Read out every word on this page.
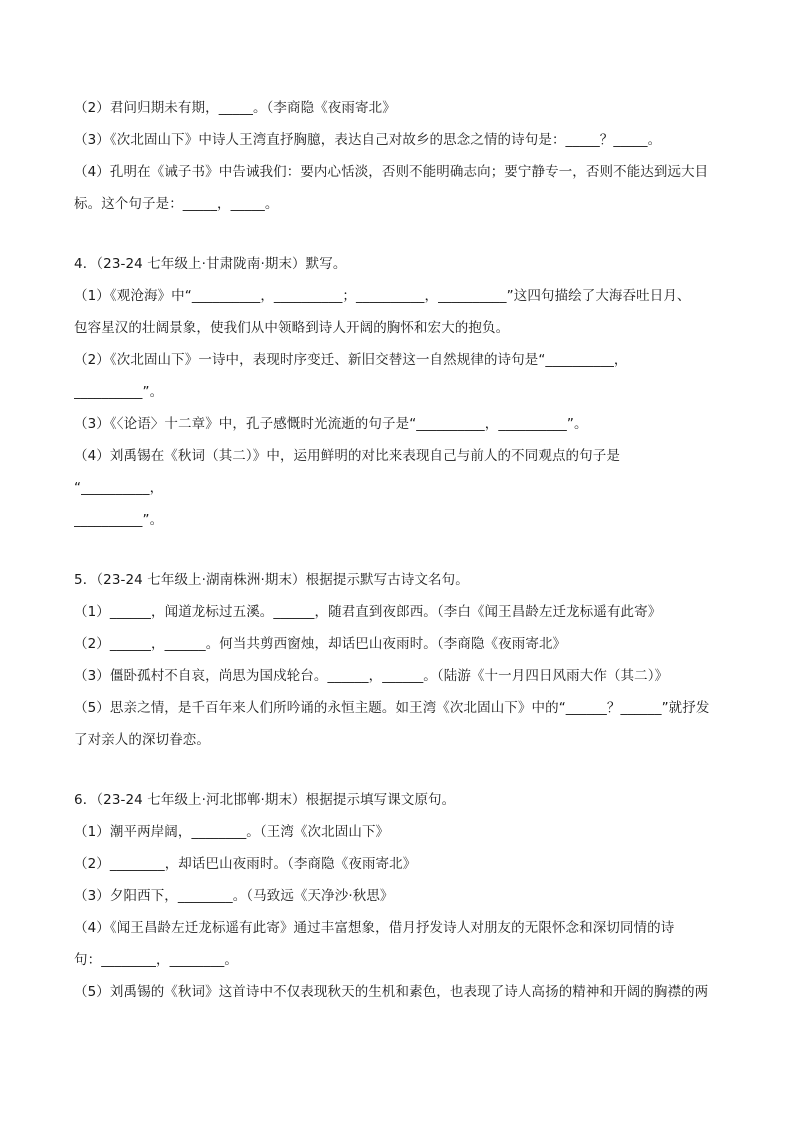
（2）君问归期未有期，_____。（李商隐《夜雨寄北》
（3）《次北固山下》中诗人王湾直抒胸臆，表达自己对故乡的思念之情的诗句是：_____？_____。
（4）孔明在《诫子书》中告诫我们：要内心恬淡，否则不能明确志向；要宁静专一，否则不能达到远大目
标。这个句子是：_____，_____。
4．（23-24 七年级上·甘肃陇南·期末）默写。
（1）《观沧海》中“__________，__________；__________，__________”这四句描绘了大海吞吐日月、
包容星汉的壮阔景象，使我们从中领略到诗人开阔的胸怀和宏大的抱负。
（2）《次北固山下》一诗中，表现时序变迁、新旧交替这一自然规律的诗句是“__________，
__________”。
（3）《〈论语〉十二章》中，孔子感慨时光流逝的句子是“__________，__________”。
（4）刘禹锡在《秋词（其二）》中，运用鲜明的对比来表现自己与前人的不同观点的句子是
“__________，
__________”。
5．（23-24 七年级上·湖南株洲·期末）根据提示默写古诗文名句。
（1）______，闻道龙标过五溪。______，随君直到夜郎西。（李白《闻王昌龄左迁龙标遥有此寄》
（2）______，______。何当共剪西窗烛，却话巴山夜雨时。（李商隐《夜雨寄北》
（3）僵卧孤村不自哀，尚思为国戍轮台。______，______。（陆游《十一月四日风雨大作（其二）》
（5）思亲之情，是千百年来人们所吟诵的永恒主题。如王湾《次北固山下》中的“______？______”就抒发
了对亲人的深切眷恋。
6．（23-24 七年级上·河北邯郸·期末）根据提示填写课文原句。
（1）潮平两岸阔，________。（王湾《次北固山下》
（2）________，却话巴山夜雨时。（李商隐《夜雨寄北》
（3）夕阳西下，________。（马致远《天净沙·秋思》
（4）《闻王昌龄左迁龙标遥有此寄》通过丰富想象，借月抒发诗人对朋友的无限怀念和深切同情的诗
句：________，________。
（5）刘禹锡的《秋词》这首诗中不仅表现秋天的生机和素色，也表现了诗人高扬的精神和开阔的胸襟的两
